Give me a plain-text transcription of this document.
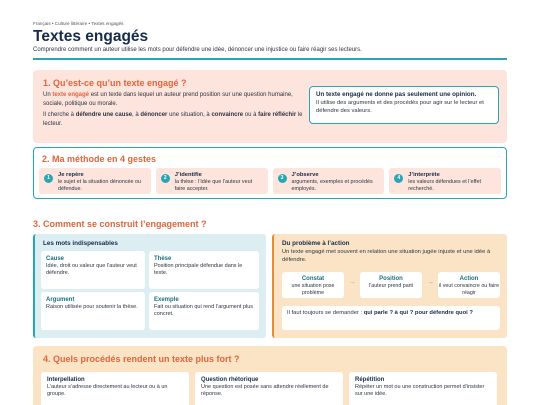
Français • Culture littéraire • Textes engagés
Textes engagés
Comprendre comment un auteur utilise les mots pour défendre une idée, dénoncer une injustice ou faire réagir ses lecteurs.
1. Qu’est-ce qu’un texte engagé ?

Un texte engagé est un texte dans lequel un auteur prend position sur une question humaine, sociale, politique ou morale.

Il cherche à défendre une cause, à dénoncer une situation, à convaincre ou à faire réfléchir le lecteur.

Un texte engagé ne donne pas seulement une opinion.
Il utilise des arguments et des procédés pour agir sur le lecteur et défendre des valeurs.
2. Ma méthode en 4 gestes
1	Je repère
le sujet et la situation dénoncée ou défendue.
2	J’identifie
la thèse : l’idée que l’auteur veut faire accepter.
3	J’observe
arguments, exemples et procédés employés.
4	J’interprète
les valeurs défendues et l’effet recherché.
3. Comment se construit l’engagement ?
Les mots indispensables
Cause
Idée, droit ou valeur que l’auteur veut défendre.
Thèse
Position principale défendue dans le texte.
Argument
Raison utilisée pour soutenir la thèse.
Exemple
Fait ou situation qui rend l’argument plus concret.
Du problème à l’action
Un texte engagé met souvent en relation une situation jugée injuste et une idée à défendre.
Constat
une situation pose problème
→	Position
l’auteur prend parti	→	Action
il veut convaincre ou faire réagir
Il faut toujours se demander : qui parle ? à qui ? pour défendre quoi ?
4. Quels procédés rendent un texte plus fort ?
Interpellation
L’auteur s’adresse directement au lecteur ou à un groupe.
Question rhétorique
Une question est posée sans attendre réellement de réponse.
Répétition
Répéter un mot ou une construction permet d’insister sur une idée.
